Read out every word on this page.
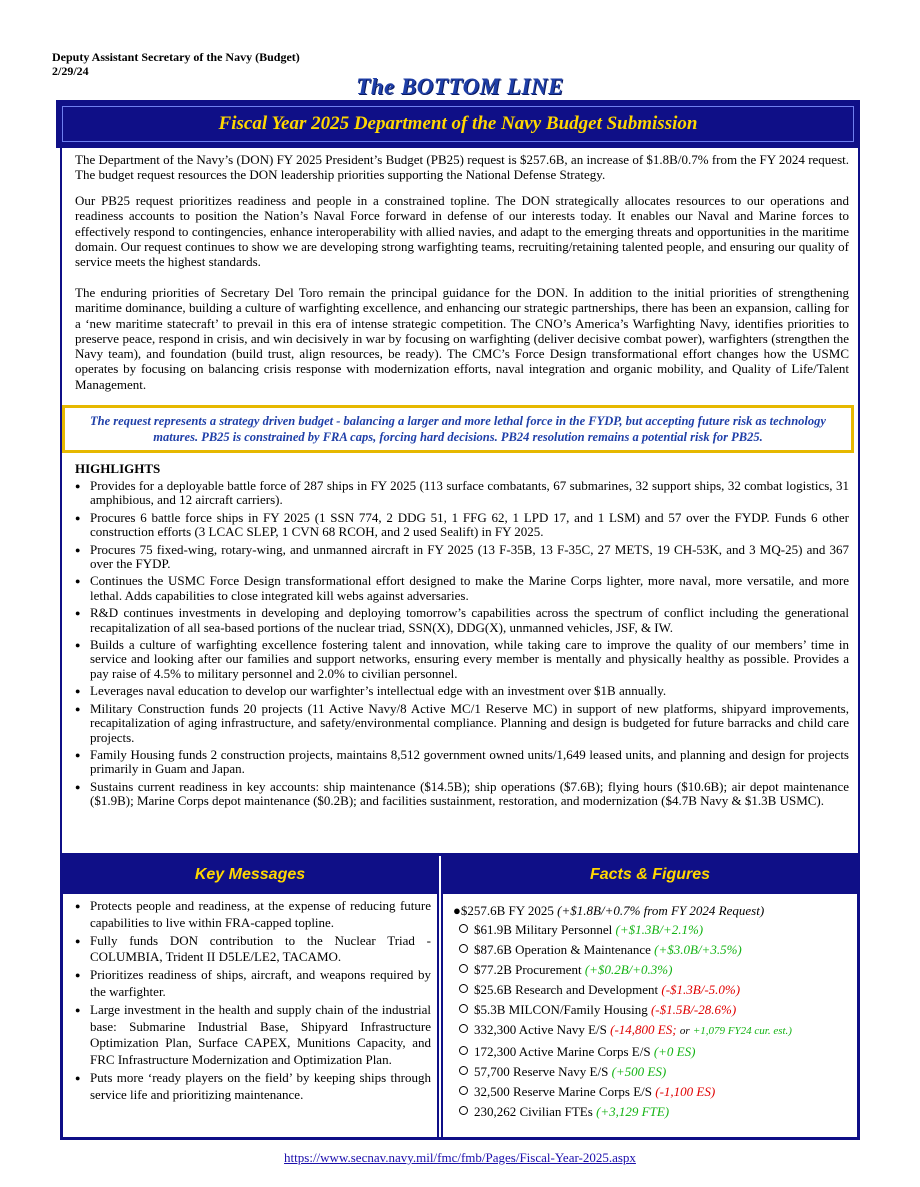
Deputy Assistant Secretary of the Navy (Budget)
2/29/24
The BOTTOM LINE
Fiscal Year 2025 Department of the Navy Budget Submission

The Department of the Navy’s (DON) FY 2025 President’s Budget (PB25) request is $257.6B, an increase of $1.8B/0.7% from the FY 2024 request. The budget request resources the DON leadership priorities supporting the National Defense Strategy.

Our PB25 request prioritizes readiness and people in a constrained topline. The DON strategically allocates resources to our operations and readiness accounts to position the Nation’s Naval Force forward in defense of our interests today. It enables our Naval and Marine forces to effectively respond to contingencies, enhance interoperability with allied navies, and adapt to the emerging threats and opportunities in the maritime domain. Our request continues to show we are developing strong warfighting teams, recruiting/retaining talented people, and ensuring our quality of service meets the highest standards.

The enduring priorities of Secretary Del Toro remain the principal guidance for the DON. In addition to the initial priorities of strengthening maritime dominance, building a culture of warfighting excellence, and enhancing our strategic partnerships, there has been an expansion, calling for a ‘new maritime statecraft’ to prevail in this era of intense strategic competition. The CNO’s America’s Warfighting Navy, identifies priorities to preserve peace, respond in crisis, and win decisively in war by focusing on warfighting (deliver decisive combat power), warfighters (strengthen the Navy team), and foundation (build trust, align resources, be ready). The CMC’s Force Design transformational effort changes how the USMC operates by focusing on balancing crisis response with modernization efforts, naval integration and organic mobility, and Quality of Life/Talent Management.

The request represents a strategy driven budget - balancing a larger and more lethal force in the FYDP, but accepting future risk as technology matures. PB25 is constrained by FRA caps, forcing hard decisions. PB24 resolution remains a potential risk for PB25.
HIGHLIGHTS
● Provides for a deployable battle force of 287 ships in FY 2025 (113 surface combatants, 67 submarines, 32 support ships, 32 combat logistics, 31 amphibious, and 12 aircraft carriers).
● Procures 6 battle force ships in FY 2025 (1 SSN 774, 2 DDG 51, 1 FFG 62, 1 LPD 17, and 1 LSM) and 57 over the FYDP. Funds 6 other construction efforts (3 LCAC SLEP, 1 CVN 68 RCOH, and 2 used Sealift) in FY 2025.
● Procures 75 fixed-wing, rotary-wing, and unmanned aircraft in FY 2025 (13 F-35B, 13 F-35C, 27 METS, 19 CH-53K, and 3 MQ-25) and 367 over the FYDP.
● Continues the USMC Force Design transformational effort designed to make the Marine Corps lighter, more naval, more versatile, and more lethal. Adds capabilities to close integrated kill webs against adversaries.
● R&D continues investments in developing and deploying tomorrow’s capabilities across the spectrum of conflict including the generational recapitalization of all sea-based portions of the nuclear triad, SSN(X), DDG(X), unmanned vehicles, JSF, & IW.
● Builds a culture of warfighting excellence fostering talent and innovation, while taking care to improve the quality of our members’ time in service and looking after our families and support networks, ensuring every member is mentally and physically healthy as possible. Provides a pay raise of 4.5% to military personnel and 2.0% to civilian personnel.
● Leverages naval education to develop our warfighter’s intellectual edge with an investment over $1B annually.
● Military Construction funds 20 projects (11 Active Navy/8 Active MC/1 Reserve MC) in support of new platforms, shipyard improvements, recapitalization of aging infrastructure, and safety/environmental compliance. Planning and design is budgeted for future barracks and child care projects.
● Family Housing funds 2 construction projects, maintains 8,512 government owned units/1,649 leased units, and planning and design for projects primarily in Guam and Japan.
● Sustains current readiness in key accounts: ship maintenance ($14.5B); ship operations ($7.6B); flying hours ($10.6B); air depot maintenance ($1.9B); Marine Corps depot maintenance ($0.2B); and facilities sustainment, restoration, and modernization ($4.7B Navy & $1.3B USMC).
Key Messages	Facts & Figures
● Protects people and readiness, at the expense of reducing future capabilities to live within FRA-capped topline.
● Fully funds DON contribution to the Nuclear Triad - COLUMBIA, Trident II D5LE/LE2, TACAMO.
● Prioritizes readiness of ships, aircraft, and weapons required by the warfighter.
● Large investment in the health and supply chain of the industrial base: Submarine Industrial Base, Shipyard Infrastructure Optimization Plan, Surface CAPEX, Munitions Capacity, and FRC Infrastructure Modernization and Optimization Plan.
● Puts more ‘ready players on the field’ by keeping ships through service life and prioritizing maintenance.
●$257.6B FY 2025 (+$1.8B/+0.7% from FY 2024 Request)
$61.9B Military Personnel (+$1.3B/+2.1%)
$87.6B Operation & Maintenance (+$3.0B/+3.5%)
$77.2B Procurement (+$0.2B/+0.3%)
$25.6B Research and Development (-$1.3B/-5.0%)
$5.3B MILCON/Family Housing (-$1.5B/-28.6%)
332,300 Active Navy E/S (-14,800 ES; or +1,079 FY24 cur. est.)
172,300 Active Marine Corps E/S (+0 ES)
57,700 Reserve Navy E/S (+500 ES)
32,500 Reserve Marine Corps E/S (-1,100 ES)
230,262 Civilian FTEs (+3,129 FTE)
https://www.secnav.navy.mil/fmc/fmb/Pages/Fiscal-Year-2025.aspx
